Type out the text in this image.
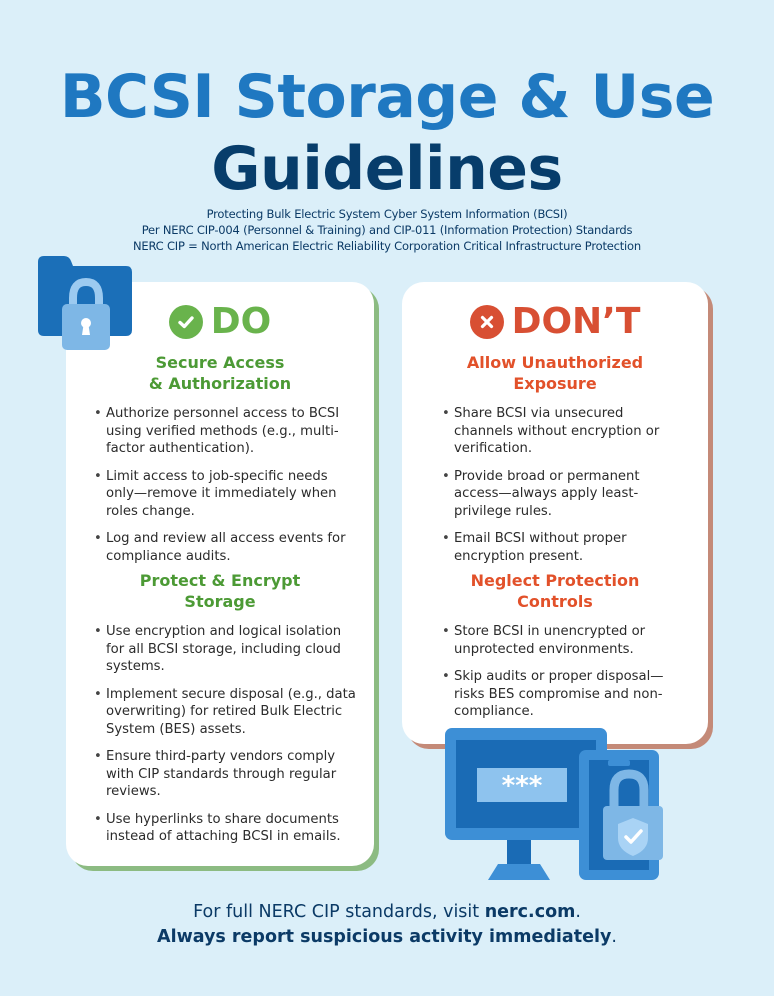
BCSI Storage & Use
Guidelines
Protecting Bulk Electric System Cyber System Information (BCSI)
Per NERC CIP-004 (Personnel & Training) and CIP-011 (Information Protection) Standards
NERC CIP = North American Electric Reliability Corporation Critical Infrastructure Protection
DO
Secure Access
& Authorization
• Authorize personnel access to BCSI using verified methods (e.g., multi-factor authentication).
• Limit access to job-specific needs only—remove it immediately when roles change.
• Log and review all access events for compliance audits.
Protect & Encrypt
Storage
• Use encryption and logical isolation for all BCSI storage, including cloud systems.
• Implement secure disposal (e.g., data overwriting) for retired Bulk Electric System (BES) assets.
• Ensure third-party vendors comply with CIP standards through regular reviews.
• Use hyperlinks to share documents instead of attaching BCSI in emails.
DON’T
Allow Unauthorized
Exposure
• Share BCSI via unsecured channels without encryption or verification.
• Provide broad or permanent access—always apply least-privilege rules.
• Email BCSI without proper encryption present.
Neglect Protection
Controls
• Store BCSI in unencrypted or unprotected environments.
• Skip audits or proper disposal—risks BES compromise and non-compliance.
***
For full NERC CIP standards, visit nerc.com.
Always report suspicious activity immediately.
